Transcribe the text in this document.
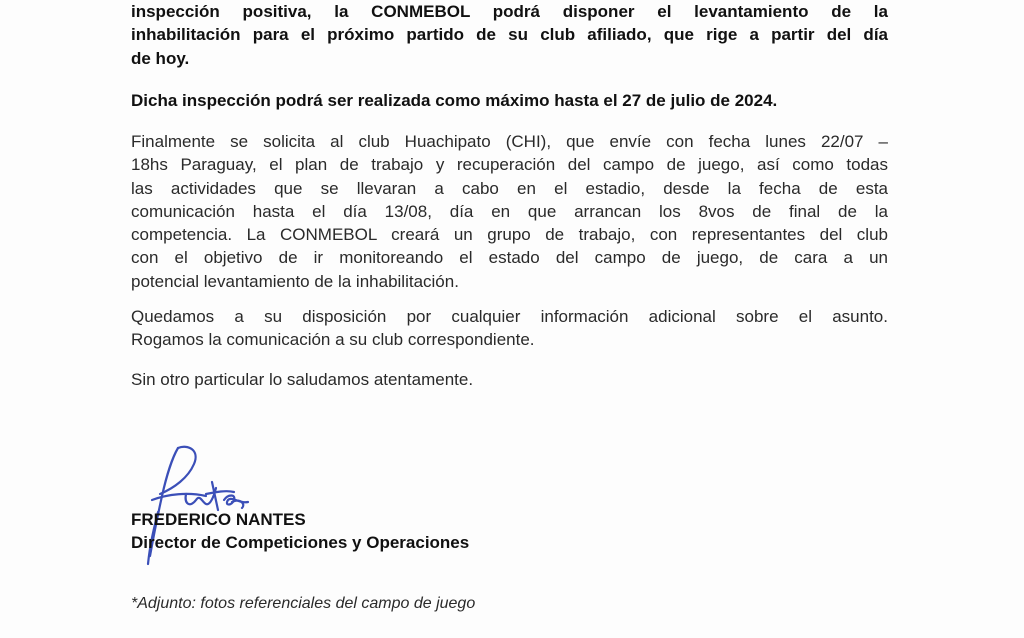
inspección positiva, la CONMEBOL podrá disponer el levantamiento de la
inhabilitación para el próximo partido de su club afiliado, que rige a partir del día
de hoy.

Dicha inspección podrá ser realizada como máximo hasta el 27 de julio de 2024.

Finalmente se solicita al club Huachipato (CHI), que envíe con fecha lunes 22/07 –
18hs Paraguay, el plan de trabajo y recuperación del campo de juego, así como todas
las actividades que se llevaran a cabo en el estadio, desde la fecha de esta
comunicación hasta el día 13/08, día en que arrancan los 8vos de final de la
competencia. La CONMEBOL creará un grupo de trabajo, con representantes del club
con el objetivo de ir monitoreando el estado del campo de juego, de cara a un
potencial levantamiento de la inhabilitación.

Quedamos a su disposición por cualquier información adicional sobre el asunto.
Rogamos la comunicación a su club correspondiente.

Sin otro particular lo saludamos atentamente.

FREDERICO NANTES
Director de Competiciones y Operaciones
*Adjunto: fotos referenciales del campo de juego
